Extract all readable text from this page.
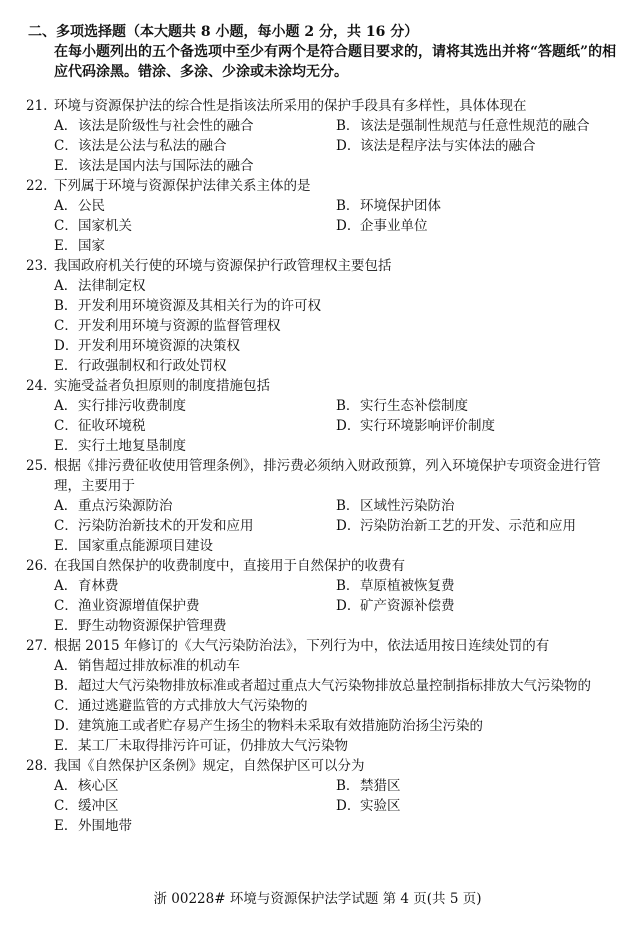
二、多项选择题（本大题共 8 小题，每小题 2 分，共 16 分）
在每小题列出的五个备选项中至少有两个是符合题目要求的，请将其选出并将“答题纸”的相应代码涂黑。错涂、多涂、少涂或未涂均无分。
21. 环境与资源保护法的综合性是指该法所采用的保护手段具有多样性，具体体现在
A． 该法是阶级性与社会性的融合	B． 该法是强制性规范与任意性规范的融合
C． 该法是公法与私法的融合	D． 该法是程序法与实体法的融合
E． 该法是国内法与国际法的融合
22. 下列属于环境与资源保护法律关系主体的是
A． 公民	B． 环境保护团体
C． 国家机关	D． 企事业单位
E． 国家
23. 我国政府机关行使的环境与资源保护行政管理权主要包括
A． 法律制定权
B． 开发利用环境资源及其相关行为的许可权
C． 开发利用环境与资源的监督管理权
D． 开发利用环境资源的决策权
E． 行政强制权和行政处罚权
24. 实施受益者负担原则的制度措施包括
A． 实行排污收费制度	B． 实行生态补偿制度
C． 征收环境税	D． 实行环境影响评价制度
E． 实行土地复垦制度
25. 根据《排污费征收使用管理条例》，排污费必须纳入财政预算，列入环境保护专项资金进行管理，主要用于
A． 重点污染源防治	B． 区域性污染防治
C． 污染防治新技术的开发和应用	D． 污染防治新工艺的开发、示范和应用
E． 国家重点能源项目建设
26. 在我国自然保护的收费制度中，直接用于自然保护的收费有
A． 育林费	B． 草原植被恢复费
C． 渔业资源增值保护费	D． 矿产资源补偿费
E． 野生动物资源保护管理费
27. 根据 2015 年修订的《大气污染防治法》，下列行为中，依法适用按日连续处罚的有
A． 销售超过排放标准的机动车
B． 超过大气污染物排放标准或者超过重点大气污染物排放总量控制指标排放大气污染物的
C． 通过逃避监管的方式排放大气污染物的
D． 建筑施工或者贮存易产生扬尘的物料未采取有效措施防治扬尘污染的
E． 某工厂未取得排污许可证，仍排放大气污染物
28. 我国《自然保护区条例》规定，自然保护区可以分为
A． 核心区	B． 禁猎区
C． 缓冲区	D． 实验区
E． 外围地带
浙 00228# 环境与资源保护法学试题 第 4 页(共 5 页)
